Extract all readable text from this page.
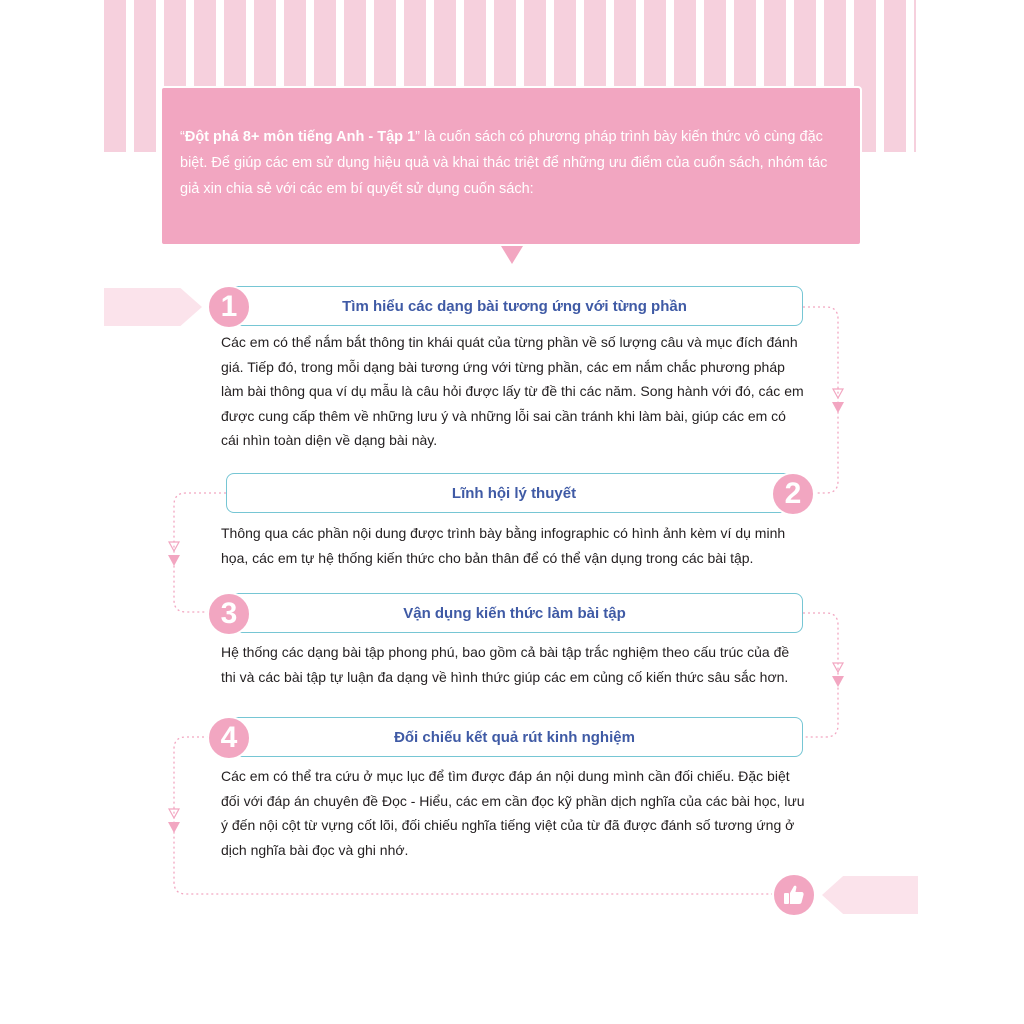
“Đột phá 8+ môn tiếng Anh - Tập 1” là cuốn sách có phương pháp trình bày kiến thức vô cùng đặc biệt. Để giúp các em sử dụng hiệu quả và khai thác triệt để những ưu điểm của cuốn sách, nhóm tác giả xin chia sẻ với các em bí quyết sử dụng cuốn sách:

Tìm hiểu các dạng bài tương ứng với từng phần
1

Các em có thể nắm bắt thông tin khái quát của từng phần về số lượng câu và mục đích đánh giá. Tiếp đó, trong mỗi dạng bài tương ứng với từng phần, các em nắm chắc phương pháp làm bài thông qua ví dụ mẫu là câu hỏi được lấy từ đề thi các năm. Song hành với đó, các em được cung cấp thêm về những lưu ý và những lỗi sai cần tránh khi làm bài, giúp các em có cái nhìn toàn diện về dạng bài này.

Lĩnh hội lý thuyết	2

Thông qua các phần nội dung được trình bày bằng infographic có hình ảnh kèm ví dụ minh họa, các em tự hệ thống kiến thức cho bản thân để có thể vận dụng trong các bài tập.

Vận dụng kiến thức làm bài tập
3

Hệ thống các dạng bài tập phong phú, bao gồm cả bài tập trắc nghiệm theo cấu trúc của đề thi và các bài tập tự luận đa dạng về hình thức giúp các em củng cố kiến thức sâu sắc hơn.

Đối chiếu kết quả rút kinh nghiệm
4

Các em có thể tra cứu ở mục lục để tìm được đáp án nội dung mình cần đối chiếu. Đặc biệt đối với đáp án chuyên đề Đọc - Hiểu, các em cần đọc kỹ phần dịch nghĩa của các bài học, lưu ý đến nội cột từ vựng cốt lõi, đối chiếu nghĩa tiếng việt của từ đã được đánh số tương ứng ở dịch nghĩa bài đọc và ghi nhớ.
